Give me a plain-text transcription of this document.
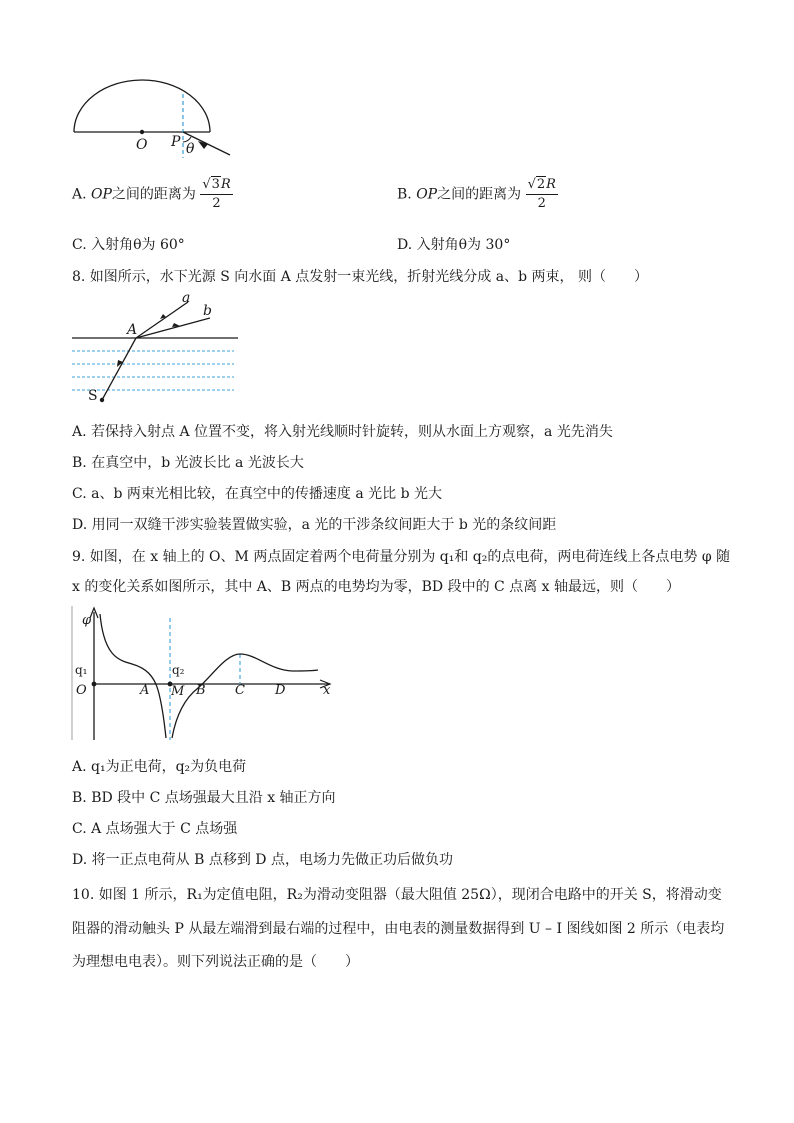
O P θ
A. OP之间的距离为 $\frac{√3R}{2}$	B. OP之间的距离为 $\frac{√2R}{2}$
C. 入射角θ为 60°	D. 入射角θ为 30°
8. 如图所示，水下光源 S 向水面 A 点发射一束光线，折射光线分成 a、b 两束， 则（　　）
A
S
a
b
A. 若保持入射点 A 位置不变，将入射光线顺时针旋转，则从水面上方观察，a 光先消失
B. 在真空中，b 光波长比 a 光波长大
C. a、b 两束光相比较，在真空中的传播速度 a 光比 b 光大
D. 用同一双缝干涉实验装置做实验，a 光的干涉条纹间距大于 b 光的条纹间距
9. 如图，在 x 轴上的 O、M 两点固定着两个电荷量分别为 q₁和 q₂的点电荷，两电荷连线上各点电势 φ 随
x 的变化关系如图所示，其中 A、B 两点的电势均为零，BD 段中的 C 点离 x 轴最远，则（　　）
φ
q₁	q₂
O	A M B C D	x
A. q₁为正电荷，q₂为负电荷
B. BD 段中 C 点场强最大且沿 x 轴正方向
C. A 点场强大于 C 点场强
D. 将一正点电荷从 B 点移到 D 点，电场力先做正功后做负功
10. 如图 1 所示，R₁为定值电阻，R₂为滑动变阻器（最大阻值 25Ω），现闭合电路中的开关 S，将滑动变
阻器的滑动触头 P 从最左端滑到最右端的过程中，由电表的测量数据得到 U – I 图线如图 2 所示（电表均
为理想电电表）。则下列说法正确的是（　　）
